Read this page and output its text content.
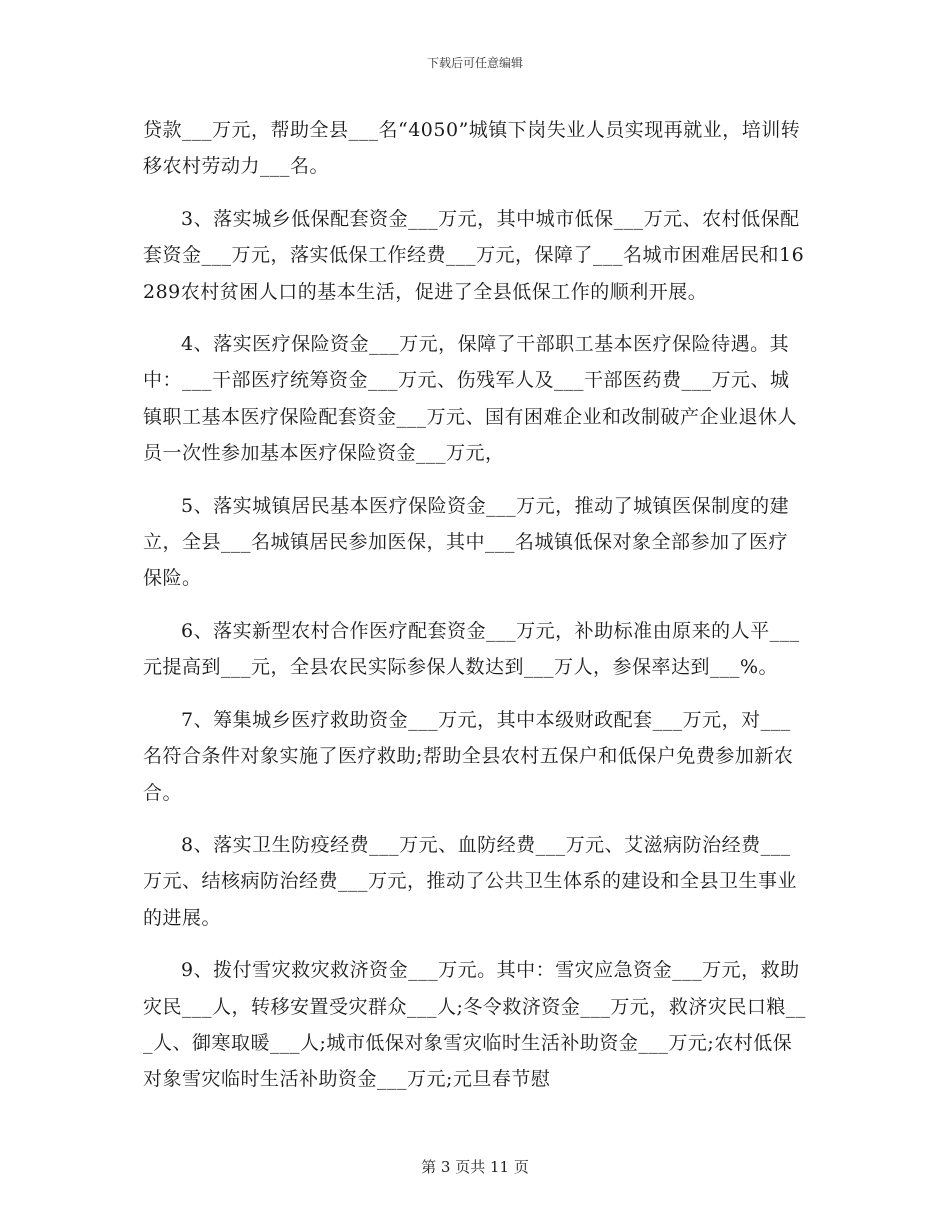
下载后可任意编辑

贷款___万元，帮助全县___名“4050”城镇下岗失业人员实现再就业，培训转移农村劳动力___名。

3、落实城乡低保配套资金___万元，其中城市低保___万元、农村低保配套资金___万元，落实低保工作经费___万元，保障了___名城市困难居民和16289农村贫困人口的基本生活，促进了全县低保工作的顺利开展。

4、落实医疗保险资金___万元，保障了干部职工基本医疗保险待遇。其中：___干部医疗统筹资金___万元、伤残军人及___干部医药费___万元、城镇职工基本医疗保险配套资金___万元、国有困难企业和改制破产企业退休人员一次性参加基本医疗保险资金___万元，

5、落实城镇居民基本医疗保险资金___万元，推动了城镇医保制度的建立，全县___名城镇居民参加医保，其中___名城镇低保对象全部参加了医疗保险。

6、落实新型农村合作医疗配套资金___万元，补助标准由原来的人平___元提高到___元，全县农民实际参保人数达到___万人，参保率达到___%。

7、筹集城乡医疗救助资金___万元，其中本级财政配套___万元，对___名符合条件对象实施了医疗救助;帮助全县农村五保户和低保户免费参加新农合。

8、落实卫生防疫经费___万元、血防经费___万元、艾滋病防治经费___万元、结核病防治经费___万元，推动了公共卫生体系的建设和全县卫生事业的进展。

9、拨付雪灾救灾救济资金___万元。其中：雪灾应急资金___万元，救助灾民___人，转移安置受灾群众___人;冬令救济资金___万元，救济灾民口粮___人、御寒取暖___人;城市低保对象雪灾临时生活补助资金___万元;农村低保对象雪灾临时生活补助资金___万元;元旦春节慰

第 3 页共 11 页
